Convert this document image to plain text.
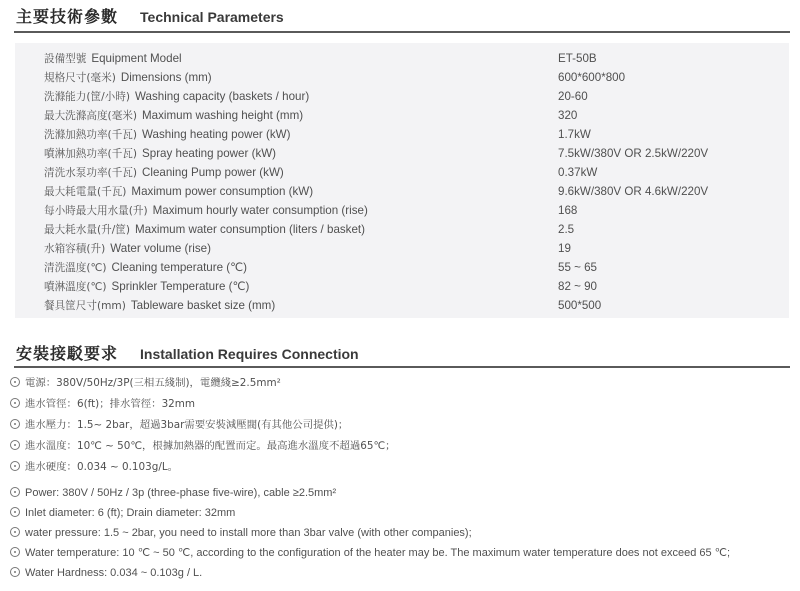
主要技術參數 Technical Parameters
設備型號 Equipment Model	ET-50B
規格尺寸(毫米) Dimensions (mm)	600*600*800
洗滌能力(筐/小時) Washing capacity (baskets / hour)	20-60
最大洗滌高度(毫米) Maximum washing height (mm)	320
洗滌加熱功率(千瓦) Washing heating power (kW)	1.7kW
噴淋加熱功率(千瓦) Spray heating power (kW)	7.5kW/380V OR 2.5kW/220V
清洗水泵功率(千瓦) Cleaning Pump power (kW)	0.37kW
最大耗電量(千瓦) Maximum power consumption (kW)	9.6kW/380V OR 4.6kW/220V
每小時最大用水量(升) Maximum hourly water consumption (rise)	168
最大耗水量(升/筐) Maximum water consumption (liters / basket)	2.5
水箱容積(升) Water volume (rise)	19
清洗溫度(℃) Cleaning temperature (℃)	55 ~ 65
噴淋溫度(℃) Sprinkler Temperature (℃)	82 ~ 90
餐具筐尺寸(mm) Tableware basket size (mm)	500*500
安裝接駁要求 Installation Requires Connection
電源：380V/50Hz/3P(三相五綫制)，電纜綫≥2.5mm²
進水管徑：6(ft)；排水管徑：32mm
進水壓力：1.5~ 2bar，超過3bar需要安裝減壓閥(有其他公司提供)；
進水溫度：10℃ ~ 50℃，根據加熱器的配置而定。最高進水溫度不超過65℃；
進水硬度：0.034 ~ 0.103g/L。
Power: 380V / 50Hz / 3p (three-phase five-wire), cable ≥2.5mm²
Inlet diameter: 6 (ft); Drain diameter: 32mm
water pressure: 1.5 ~ 2bar, you need to install more than 3bar valve (with other companies);
Water temperature: 10 ℃ ~ 50 ℃, according to the configuration of the heater may be. The maximum water temperature does not exceed 65 ℃;
Water Hardness: 0.034 ~ 0.103g / L.
